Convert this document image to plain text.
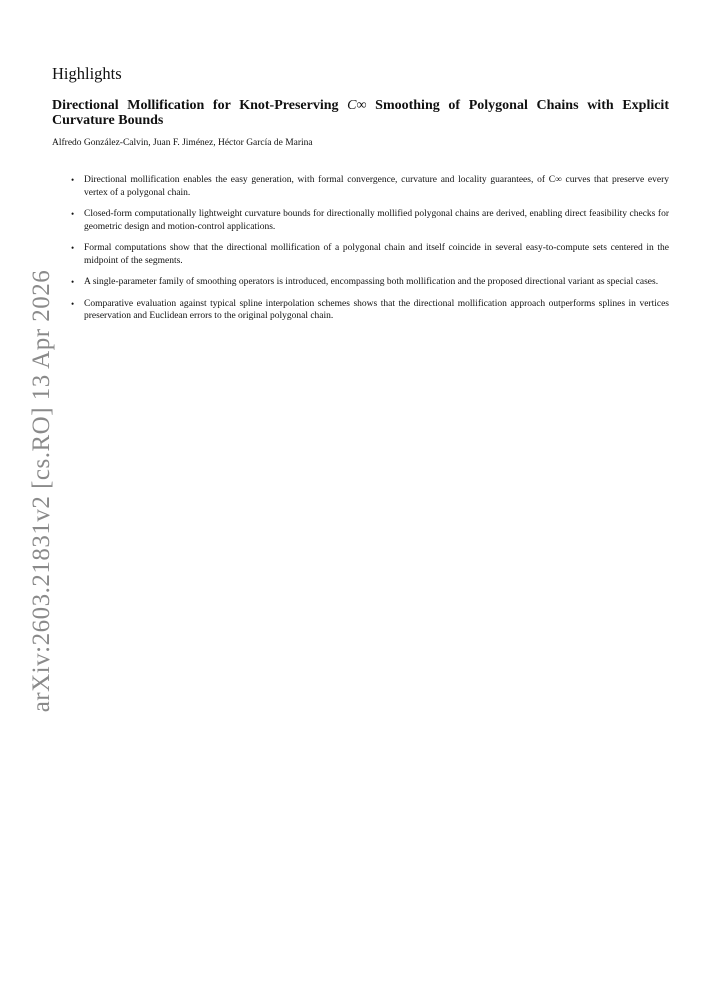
arXiv:2603.21831v2 [cs.RO] 13 Apr 2026
Highlights
Directional Mollification for Knot-Preserving C∞ Smoothing of Polygonal Chains with Explicit Curvature Bounds
Alfredo González-Calvin, Juan F. Jiménez, Héctor García de Marina
• Directional mollification enables the easy generation, with formal convergence, curvature and locality guarantees, of C∞ curves that preserve every vertex of a polygonal chain.
• Closed-form computationally lightweight curvature bounds for directionally mollified polygonal chains are derived, enabling direct feasibility checks for geometric design and motion-control applications.
• Formal computations show that the directional mollification of a polygonal chain and itself coincide in several easy-to-compute sets centered in the midpoint of the segments.
• A single-parameter family of smoothing operators is introduced, encompassing both mollification and the proposed directional variant as special cases.
• Comparative evaluation against typical spline interpolation schemes shows that the directional mollification approach outperforms splines in vertices preservation and Euclidean errors to the original polygonal chain.
